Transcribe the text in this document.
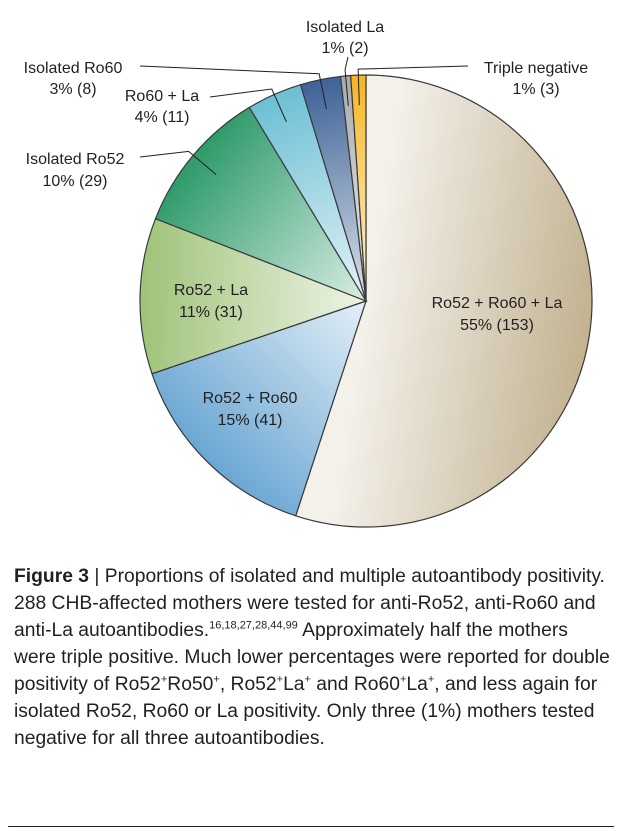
Ro52 + Ro60 + La
55% (153)
Ro52 + Ro60
15% (41)
Ro52 + La
11% (31)
Isolated Ro52
10% (29)
Ro60 + La
4% (11)
Isolated Ro60
3% (8)
Isolated La
1% (2)
Triple negative
1% (3)
Figure 3 | Proportions of isolated and multiple autoantibody positivity. 288 CHB-affected mothers were tested for anti-Ro52, anti-Ro60 and anti-La autoantibodies.$^{16,18,27,28,44,99}$ Approximately half the mothers were triple positive. Much lower percentages were reported for double positivity of Ro52+Ro50+, Ro52+La+ and Ro60+La+, and less again for isolated Ro52, Ro60 or La positivity. Only three (1%) mothers tested negative for all three autoantibodies.
